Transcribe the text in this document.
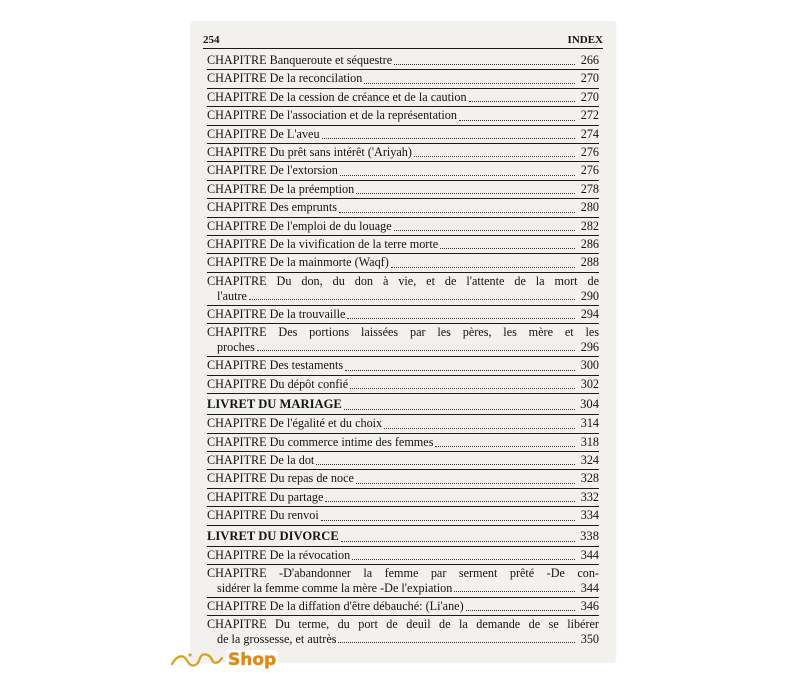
254	INDEX
CHAPITRE Banqueroute et séquestre	266
CHAPITRE De la reconcilation	270
CHAPITRE De la cession de créance et de la caution	270
CHAPITRE De l'association et de la représentation	272
CHAPITRE De L'aveu	274
CHAPITRE Du prêt sans intérêt ('Ariyah)	276
CHAPITRE De l'extorsion	276
CHAPITRE De la préemption	278
CHAPITRE Des emprunts	280
CHAPITRE De l'emploi de du louage	282
CHAPITRE De la vivification de la terre morte	286
CHAPITRE De la mainmorte (Waqf)	288
CHAPITRE Du don, du don à vie, et de l'attente de la mort de
l'autre	290
CHAPITRE De la trouvaille	294
CHAPITRE Des portions laissées par les pères, les mère et les
proches	296
CHAPITRE Des testaments	300
CHAPITRE Du dépôt confié	302
LIVRET DU MARIAGE	304
CHAPITRE De l'égalité et du choix	314
CHAPITRE Du commerce intime des femmes	318
CHAPITRE De la dot	324
CHAPITRE Du repas de noce	328
CHAPITRE Du partage	332
CHAPITRE Du renvoi	334
LIVRET DU DIVORCE	338
CHAPITRE De la révocation	344
CHAPITRE -D'abandonner la femme par serment prêté -De con-
sidérer la femme comme la mère -De l'expiation	344
CHAPITRE De la diffation d'être débauché: (Li'ane)	346
CHAPITRE Du terme, du port de deuil de la demande de se libérer
de la grossesse, et autrès	350
Shop
